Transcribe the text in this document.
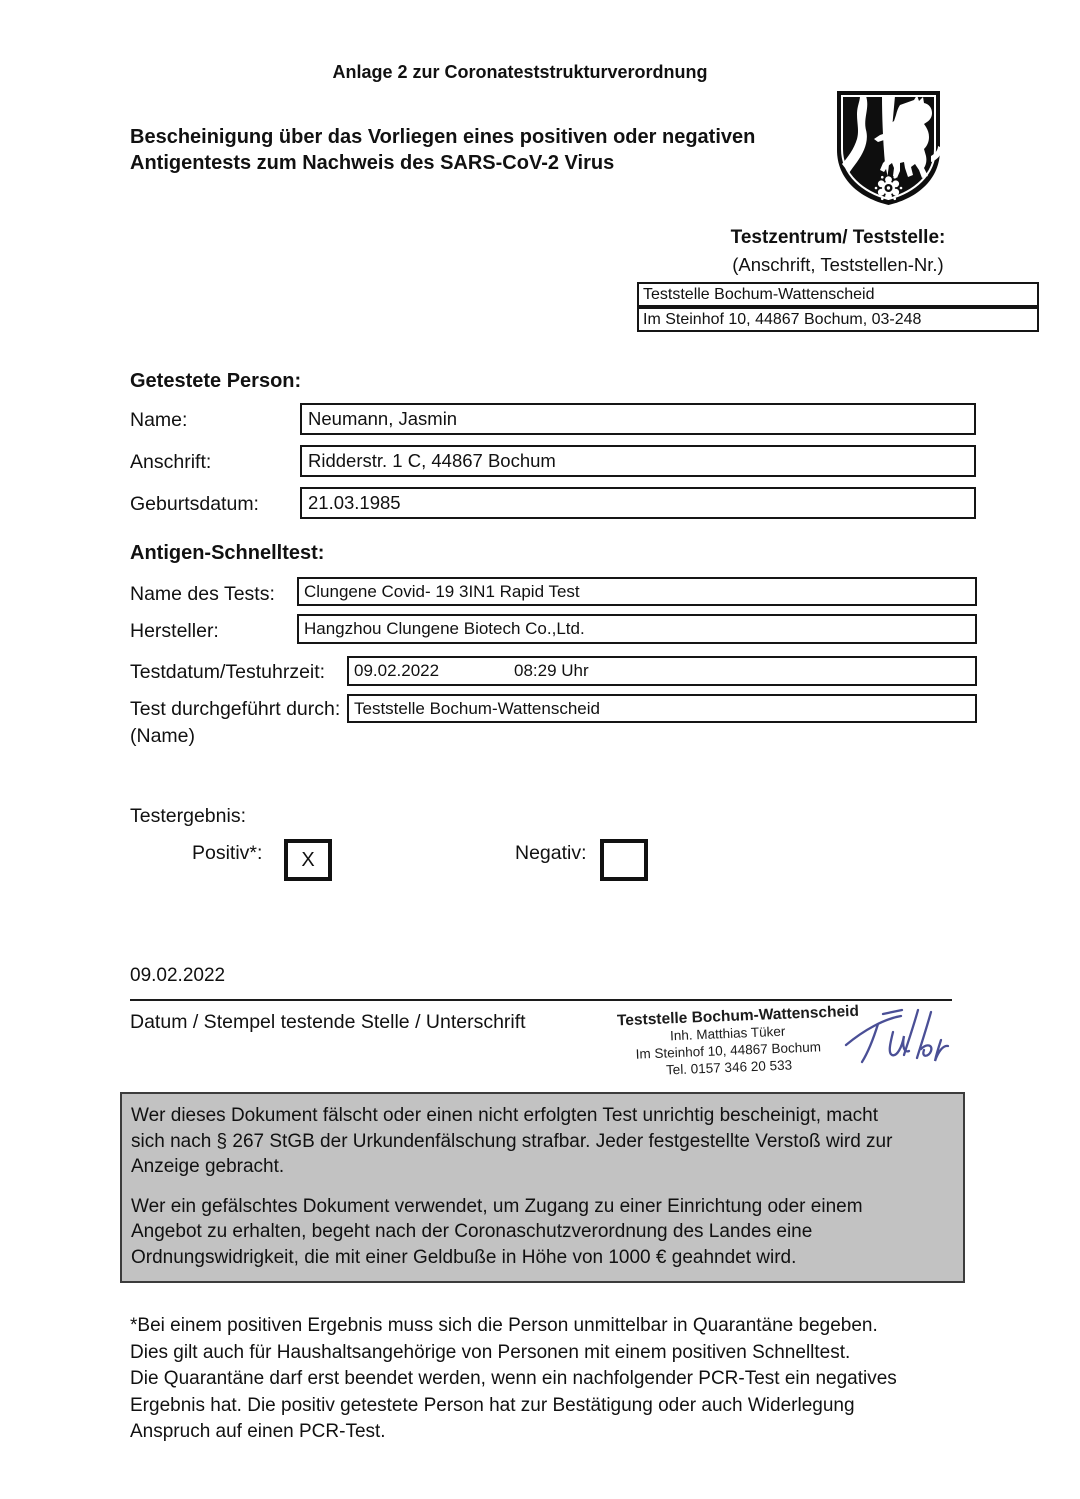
Anlage 2 zur Coronateststrukturverordnung
Bescheinigung über das Vorliegen eines positiven oder negativen
Antigentests zum Nachweis des SARS-CoV-2 Virus
Testzentrum/ Teststelle:
(Anschrift, Teststellen-Nr.)
Teststelle Bochum-Wattenscheid
Im Steinhof 10, 44867 Bochum, 03-248
Getestete Person:
Name:	Neumann, Jasmin
Anschrift:	Ridderstr. 1 C, 44867 Bochum
Geburtsdatum:	21.03.1985
Antigen-Schnelltest:
Name des Tests:	Clungene Covid- 19 3IN1 Rapid Test
Hersteller:	Hangzhou Clungene Biotech Co.,Ltd.
Testdatum/Testuhrzeit:	09.02.2022	08:29 Uhr
Test durchgeführt durch: Teststelle Bochum-Wattenscheid
(Name)
Testergebnis:
Positiv*: X	Negativ:
09.02.2022
Datum / Stempel testende Stelle / Unterschrift	Teststelle Bochum-Wattenscheid
Inh. Matthias Tüker
Im Steinhof 10, 44867 Bochum
Tel. 0157 346 20 533
Wer dieses Dokument fälscht oder einen nicht erfolgten Test unrichtig bescheinigt, macht
sich nach § 267 StGB der Urkundenfälschung strafbar. Jeder festgestellte Verstoß wird zur
Anzeige gebracht.
Wer ein gefälschtes Dokument verwendet, um Zugang zu einer Einrichtung oder einem
Angebot zu erhalten, begeht nach der Coronaschutzverordnung des Landes eine
Ordnungswidrigkeit, die mit einer Geldbuße in Höhe von 1000 € geahndet wird.
*Bei einem positiven Ergebnis muss sich die Person unmittelbar in Quarantäne begeben.
Dies gilt auch für Haushaltsangehörige von Personen mit einem positiven Schnelltest.
Die Quarantäne darf erst beendet werden, wenn ein nachfolgender PCR-Test ein negatives
Ergebnis hat. Die positiv getestete Person hat zur Bestätigung oder auch Widerlegung
Anspruch auf einen PCR-Test.
